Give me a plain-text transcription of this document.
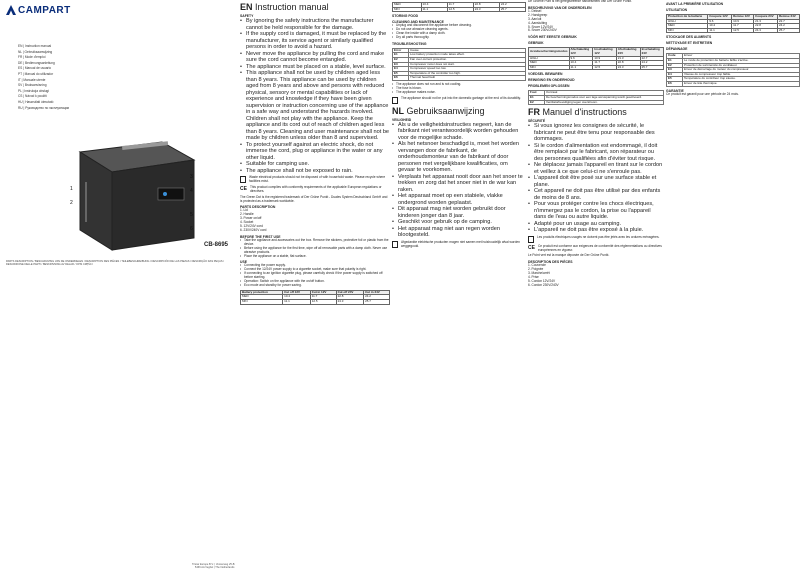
CAMPART
EN | Instruction manual
NL | Gebruiksaanwijzing
FR | Mode d'emploi
DE | Bedienungsanleitung
ES | Manual de usuario
PT | Manual do utilizador
IT | Manuale utente
SV | Bruksanvisning
PL | Instrukcja obsługi
CS | Návod k použití
HU | Használati útmutató
RU | Руководство по эксплуатации
1
2
3
4
5
6
CB-8695
PARTS DESCRIPTION / BESCHRIJVING VAN DE ONDERDELEN / DESCRIPTION DES PIÈCES / TEILEBESCHREIBUNG / DESCRIPCIÓN DE LAS PIEZAS / DESCRIÇÃO DAS PEÇAS / DESCRIZIONE DELLE PARTI / BESKRIVNING AV DELAR / OPIS CZĘŚCI
Tristar Europe B.V. | Voorerweg 25-B
5466 AA Veghel | The Netherlands
EN Instruction manual
SAFETY
• By ignoring the safety instructions the manufacturer cannot be held responsible for the damage.
• If the supply cord is damaged, it must be replaced by the manufacturer, its service agent or similarly qualified persons in order to avoid a hazard.
• Never move the appliance by pulling the cord and make sure the cord cannot become entangled.
• The appliance must be placed on a stable, level surface.
• This appliance shall not be used by children aged less than 8 years. This appliance can be used by children aged from 8 years and above and persons with reduced physical, sensory or mental capabilities or lack of experience and knowledge if they have been given supervision or instruction concerning use of the appliance in a safe way and understand the hazards involved. Children shall not play with the appliance. Keep the appliance and its cord out of reach of children aged less than 8 years. Cleaning and user maintenance shall not be made by children unless older than 8 and supervised.
• To protect yourself against an electric shock, do not immerse the cord, plug or appliance in the water or any other liquid.
• Suitable for camping use.
• The appliance shall not be exposed to rain.
Waste electrical products should not be disposed of with household waste. Please recycle where facilities exist.
CE This product complies with conformity requirements of the applicable European regulations or directives.
The Green Dot is the registered trademark of Der Grüne Punkt - Duales System Deutschland GmbH and is protected as a trademark worldwide.
PARTS DESCRIPTION
1. Lid
2. Handle
3. Power on/off
4. Socket
5. 12V/24V cord
6. 230V/240V cord
BEFORE THE FIRST USE
• Take the appliance and accessories out the box. Remove the stickers, protective foil or plastic from the device.
• Before using the appliance for the first time, wipe off all removable parts with a damp cloth. Never use abrasive products.
• Place the appliance on a stable, flat surface.
USE
• Connecting the power supply.
• Connect the 12/24V power supply to a cigarette socket, make sure that polarity is right.
• If connecting to an ignition cigarette plug, please carefully check if the power supply is switched off before starting.
• Operation: Switch on the appliance with the on/off button.
• Eco mode and standby for power saving.
Battery protection	Cut off 12V	Cut in 12V	Cut off 24V	Cut in 24V
MED	10.4	11.7	22.8	24.2
MIN	11.1	12.5	24.3	25.7
MED	10.4	11.7	22.8	24.2
MIN	11.1	12.5	24.3	25.7
STORING FOOD
CLEANING AND MAINTENANCE
• Unplug and disconnect the appliance before cleaning.
• Do not use abrasive cleaning agents.
• Clean the inside with a damp cloth.
• Dry all parts thoroughly.
TROUBLESHOOTING
Error	Cause
E1	Low battery protection mode takes effect.
E2	Fan over-current protection.
E3	Compressor motor does not start.
E4	Compressor speed too low.
E5	Temperature of the controller too high.
E6	Thermal head fault
• The appliance does not run and is not cooling.
• The fuse is blown.
• The appliance makes noise.
The appliance should not be put into the domestic garbage at the end of its durability.
NL Gebruiksaanwijzing
VEILIGHEID
• Als u de veiligheidsinstructies negeert, kan de fabrikant niet verantwoordelijk worden gehouden voor de mogelijke schade.
• Als het netsnoer beschadigd is, moet het worden vervangen door de fabrikant, de onderhoudsmonteur van de fabrikant of door personen met vergelijkbare kwalificaties, om gevaar te voorkomen.
• Verplaats het apparaat nooit door aan het snoer te trekken en zorg dat het snoer niet in de war kan raken.
• Het apparaat moet op een stabiele, vlakke ondergrond worden geplaatst.
• Dit apparaat mag niet worden gebruikt door kinderen jonger dan 8 jaar.
• Geschikt voor gebruik op de camping.
• Het apparaat mag niet aan regen worden blootgesteld.
Afgedankte elektrische producten mogen niet samen met huishoudelijk afval worden weggegooid.
De Groene Punt is het geregistreerde handelsmerk van Der Grüne Punkt.
BESCHRIJVING VAN DE ONDERDELEN
1. Deksel
2. Handgreep
3. Aan/uit
4. Aansluiting
5. Snoer 12V/24V
6. Snoer 230V/240V
VÓÓR HET EERSTE GEBRUIK
GEBRUIK
Accubeschermingsmodus	Afschakeling 12V	Inschakeling 12V	Afschakeling 24V	Inschakeling 24V
HIGH	9.6	10.9	21.3	22.7
MED	10.4	11.7	22.8	24.2
MIN	11.1	12.5	24.3	25.7
VOEDSEL BEWAREN
REINIGING EN ONDERHOUD
PROBLEMEN OPLOSSEN
Fout	Oorzaak
E1	De beschermingsmodus voor een lage accuspanning wordt geactiveerd.
E2	Ventilatorbeveiliging tegen overstroom.
FR Manuel d'instructions
SÉCURITÉ
• Si vous ignorez les consignes de sécurité, le fabricant ne peut être tenu pour responsable des dommages.
• Si le cordon d'alimentation est endommagé, il doit être remplacé par le fabricant, son réparateur ou des personnes qualifiées afin d'éviter tout risque.
• Ne déplacez jamais l'appareil en tirant sur le cordon et veillez à ce que celui-ci ne s'enroule pas.
• L'appareil doit être posé sur une surface stable et plane.
• Cet appareil ne doit pas être utilisé par des enfants de moins de 8 ans.
• Pour vous protéger contre les chocs électriques, n'immergez pas le cordon, la prise ou l'appareil dans de l'eau ou autre liquide.
• Adapté pour un usage au camping.
• L'appareil ne doit pas être exposé à la pluie.
Les produits électriques usagés ne doivent pas être jetés avec les ordures ménagères.
CE Ce produit est conforme aux exigences de conformité des réglementations ou directives européennes en vigueur.
Le Point vert est la marque déposée de Der Grüne Punkt.
DESCRIPTION DES PIÈCES
1. Couvercle
2. Poignée
3. Marche/arrêt
4. Prise
5. Cordon 12V/24V
6. Cordon 230V/240V
AVANT LA PREMIÈRE UTILISATION
UTILISATION
Protection de la batterie	Coupure 12V	Remise 12V	Coupure 24V	Remise 24V
HIGH	9.6	10.9	21.3	22.7
MED	10.4	11.7	22.8	24.2
MIN	11.1	12.5	24.3	25.7
STOCKAGE DES ALIMENTS
NETTOYAGE ET ENTRETIEN
DÉPANNAGE
Code	Erreur
E1	Le mode de protection de batterie faible s'active.
E2	Protection de surintensité du ventilateur.
E3	Erreur de démarrage du moteur du compresseur.
E4	Vitesse du compresseur trop faible.
E5	Température du contrôleur trop élevée.
E6	Erreur de tête thermique.
GARANTIE
Ce produit est garanti pour une période de 24 mois.
